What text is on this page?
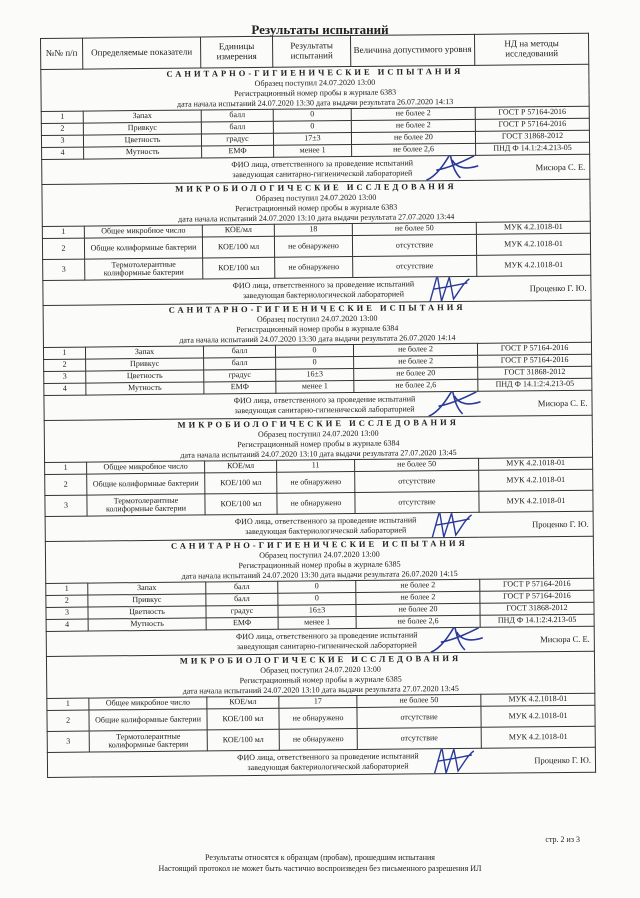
Результаты испытаний
№№ п/п	Определяемые показатели	Единицы измерения	Результаты испытаний	Величина допустимого уровня	НД на методы исследований
САНИТАРНО-ГИГИЕНИЧЕСКИЕ ИСПЫТАНИЯ					
Образец поступил 24.07.2020 13:00					
Регистрационный номер пробы в журнале 6383					
дата начала испытаний 24.07.2020 13:30 дата выдачи результата 26.07.2020 14:13					
1	Запах	балл	0	не более 2	ГОСТ Р 57164-2016
2	Привкус	балл	0	не более 2	ГОСТ Р 57164-2016
3	Цветность	градус	17±3	не более 20	ГОСТ 31868-2012
4	Мутность	ЕМФ	менее 1	не более 2,6	ПНД Ф 14.1:2:4.213-05

ФИО лица, ответственного за проведение испытаний
заведующая санитарно-гигиенической лабораторией
Мисюра С. Е.					

МИКРОБИОЛОГИЧЕСКИЕ ИССЛЕДОВАНИЯ					
Образец поступил 24.07.2020 13:00					
Регистрационный номер пробы в журнале 6383					
дата начала испытаний 24.07.2020 13:10 дата выдачи результата 27.07.2020 13:44					
1	Общее микробное число	КОЕ/мл	18	не более 50	МУК 4.2.1018-01
2	Общие колиформные бактерии	КОЕ/100 мл	не обнаружено	отсутствие	МУК 4.2.1018-01
3	Термотолерантные колиформные бактерии	КОЕ/100 мл	не обнаружено	отсутствие	МУК 4.2.1018-01

ФИО лица, ответственного за проведение испытаний
заведующая бактериологической лабораторией
Проценко Г. Ю.					

САНИТАРНО-ГИГИЕНИЧЕСКИЕ ИСПЫТАНИЯ					
Образец поступил 24.07.2020 13:00					
Регистрационный номер пробы в журнале 6384					
дата начала испытаний 24.07.2020 13:30 дата выдачи результата 26.07.2020 14:14					
1	Запах	балл	0	не более 2	ГОСТ Р 57164-2016
2	Привкус	балл	0	не более 2	ГОСТ Р 57164-2016
3	Цветность	градус	16±3	не более 20	ГОСТ 31868-2012
4	Мутность	ЕМФ	менее 1	не более 2,6	ПНД Ф 14.1:2:4.213-05

ФИО лица, ответственного за проведение испытаний
заведующая санитарно-гигиенической лабораторией
Мисюра С. Е.					

МИКРОБИОЛОГИЧЕСКИЕ ИССЛЕДОВАНИЯ					
Образец поступил 24.07.2020 13:00					
Регистрационный номер пробы в журнале 6384					
дата начала испытаний 24.07.2020 13:10 дата выдачи результата 27.07.2020 13:45					
1	Общее микробное число	КОЕ/мл	11	не более 50	МУК 4.2.1018-01
2	Общие колиформные бактерии	КОЕ/100 мл	не обнаружено	отсутствие	МУК 4.2.1018-01
3	Термотолерантные колиформные бактерии	КОЕ/100 мл	не обнаружено	отсутствие	МУК 4.2.1018-01

ФИО лица, ответственного за проведение испытаний
заведующая бактериологической лабораторией
Проценко Г. Ю.					

САНИТАРНО-ГИГИЕНИЧЕСКИЕ ИСПЫТАНИЯ					
Образец поступил 24.07.2020 13:00					
Регистрационный номер пробы в журнале 6385					
дата начала испытаний 24.07.2020 13:30 дата выдачи результата 26.07.2020 14:15					
1	Запах	балл	0	не более 2	ГОСТ Р 57164-2016
2	Привкус	балл	0	не более 2	ГОСТ Р 57164-2016
3	Цветность	градус	16±3	не более 20	ГОСТ 31868-2012
4	Мутность	ЕМФ	менее 1	не более 2,6	ПНД Ф 14.1:2:4.213-05

ФИО лица, ответственного за проведение испытаний
заведующая санитарно-гигиенической лабораторией
Мисюра С. Е.					

МИКРОБИОЛОГИЧЕСКИЕ ИССЛЕДОВАНИЯ					
Образец поступил 24.07.2020 13:00					
Регистрационный номер пробы в журнале 6385					
дата начала испытаний 24.07.2020 13:10 дата выдачи результата 27.07.2020 13:45					
1	Общее микробное число	КОЕ/мл	17	не более 50	МУК 4.2.1018-01
2	Общие колиформные бактерии	КОЕ/100 мл	не обнаружено	отсутствие	МУК 4.2.1018-01
3	Термотолерантные колиформные бактерии	КОЕ/100 мл	не обнаружено	отсутствие	МУК 4.2.1018-01

ФИО лица, ответственного за проведение испытаний
заведующая бактериологической лабораторией
Проценко Г. Ю.					
стр. 2 из 3
Результаты относятся к образцам (пробам), прошедшим испытания
Настоящий протокол не может быть частично воспроизведен без письменного разрешения ИЛ
